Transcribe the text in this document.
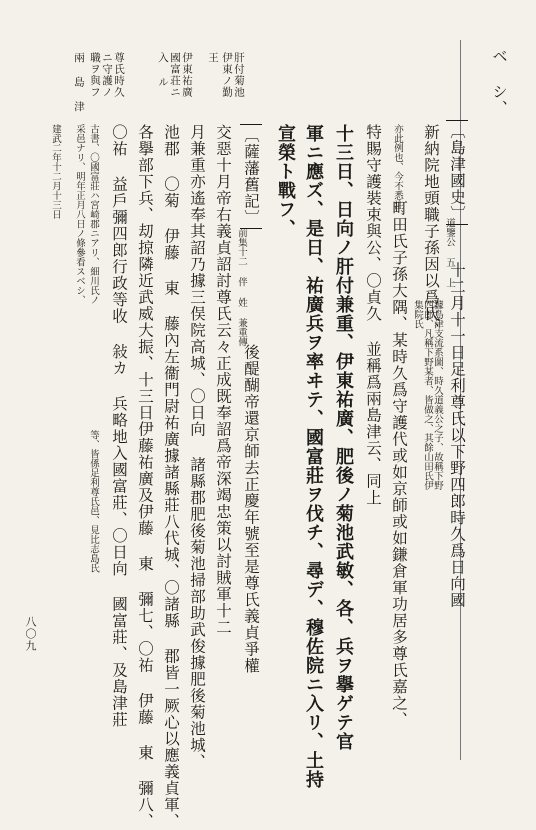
ベ シ、
尊氏時久
ニ守護ノ
職ヲ與フ
兩 島 津	肝付菊池
伊東ノ勤
王
伊東祐廣
國富荘ニ
入 ル
〔島津國史〕
道鑒公 五 上
十二月十一日足利尊氏以下野四郎時久爲日向國
新納院地頭職子孫因以爲氏、
據島津支流系圖、時久道義公之子、故稱下野四郎、凡稱下野某者、皆做之、其餘山田氏伊集院氏
亦此例也、今不悉注、
町田氏子孫大隅、某時久爲守護代或如京師或如鎌倉軍功居多尊氏嘉之、
特賜守護裝束與公、〇貞久 並稱爲兩島津云、同上
十三日、日向ノ肝付兼重、伊東祐廣、肥後ノ菊池武敏、各、兵ヲ擧ゲテ官
軍ニ應ズ、是日、祐廣兵ヲ率ヰテ、國富莊ヲ伐チ、尋デ、穆佐院ニ入リ、土持
宣榮ト戰フ、
〔薩藩舊記〕
前集十二 伴 姓 兼重傳
後醍醐帝還京師去正慶年號至是尊氏義貞爭權
交惡十月帝右義貞詔討尊氏云々正成既奉詔爲帝深竭忠策以討賊軍十二
月兼重亦遙奉其詔乃據三俣院高城、〇日向 諸縣郡肥後菊池掃部助武俊據肥後菊池城、
池郡 〇菊 伊藤 東 藤內左衞門尉祐廣據諸縣莊八代城、〇諸縣 郡皆一厥心以應義貞軍、
各擧部下兵、刧掠隣近武威大振、十三日伊藤祐廣及伊藤 東 彌七、〇祐 伊藤 東 彌八、
〇祐 益戶彌四郎行政等收 敍カ 兵略地入國富莊、〇日向 國富莊、及島津莊
古書、〇國富莊ハ宮崎郡ニアリ、細川氏ノ
等、皆係足利尊氏邑、見比志島氏
采邑ナリ、明年正月八日ノ條參看スベシ、
建武二年十二月十三日
八〇九
